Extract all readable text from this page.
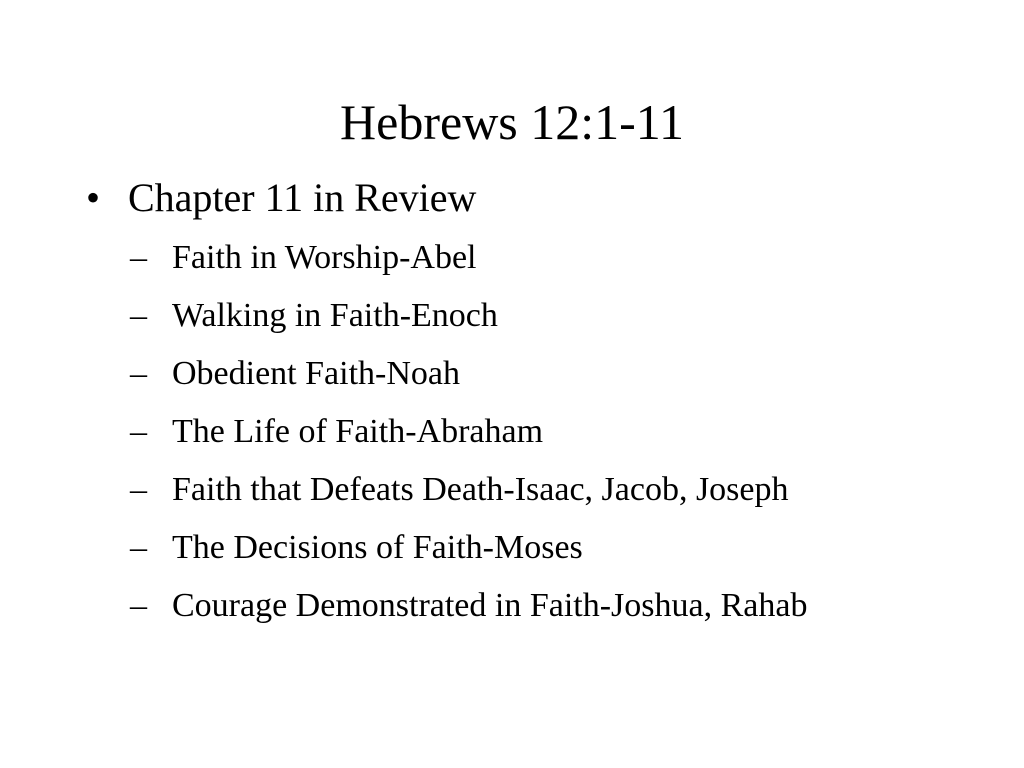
Hebrews 12:1-11
• Chapter 11 in Review
– Faith in Worship-Abel
– Walking in Faith-Enoch
– Obedient Faith-Noah
– The Life of Faith-Abraham
– Faith that Defeats Death-Isaac, Jacob, Joseph
– The Decisions of Faith-Moses
– Courage Demonstrated in Faith-Joshua, Rahab
